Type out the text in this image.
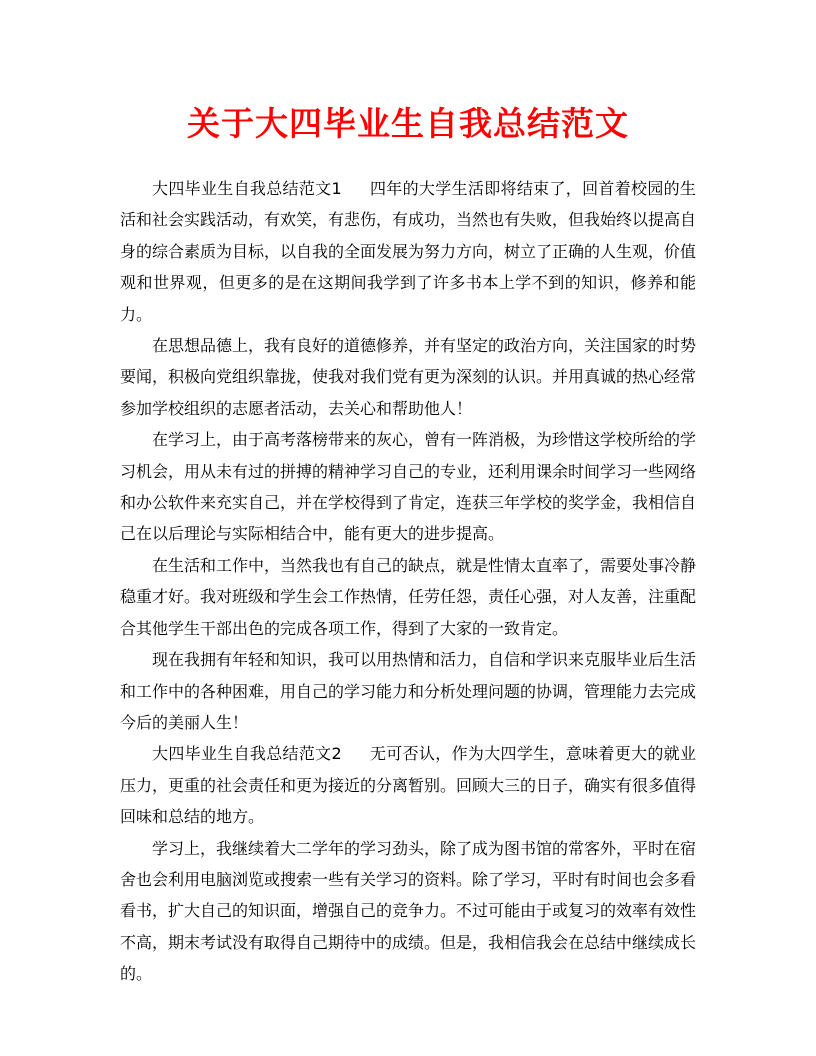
关于大四毕业生自我总结范文

大四毕业生自我总结范文1 四年的大学生活即将结束了，回首着校园的生活和社会实践活动，有欢笑，有悲伤，有成功，当然也有失败，但我始终以提高自身的综合素质为目标，以自我的全面发展为努力方向，树立了正确的人生观，价值观和世界观，但更多的是在这期间我学到了许多书本上学不到的知识，修养和能力。

在思想品德上，我有良好的道德修养，并有坚定的政治方向，关注国家的时势要闻，积极向党组织靠拢，使我对我们党有更为深刻的认识。并用真诚的热心经常参加学校组织的志愿者活动，去关心和帮助他人！

在学习上，由于高考落榜带来的灰心，曾有一阵消极，为珍惜这学校所给的学习机会，用从未有过的拼搏的精神学习自己的专业，还利用课余时间学习一些网络和办公软件来充实自己，并在学校得到了肯定，连获三年学校的奖学金，我相信自己在以后理论与实际相结合中，能有更大的进步提高。

在生活和工作中，当然我也有自己的缺点，就是性情太直率了，需要处事冷静稳重才好。我对班级和学生会工作热情，任劳任怨，责任心强，对人友善，注重配合其他学生干部出色的完成各项工作，得到了大家的一致肯定。

现在我拥有年轻和知识，我可以用热情和活力，自信和学识来克服毕业后生活和工作中的各种困难，用自己的学习能力和分析处理问题的协调，管理能力去完成今后的美丽人生！

大四毕业生自我总结范文2 无可否认，作为大四学生，意味着更大的就业压力，更重的社会责任和更为接近的分离暂别。回顾大三的日子，确实有很多值得回味和总结的地方。

学习上，我继续着大二学年的学习劲头，除了成为图书馆的常客外，平时在宿舍也会利用电脑浏览或搜索一些有关学习的资料。除了学习，平时有时间也会多看看书，扩大自己的知识面，增强自己的竞争力。不过可能由于或复习的效率有效性不高，期末考试没有取得自己期待中的成绩。但是，我相信我会在总结中继续成长的。
